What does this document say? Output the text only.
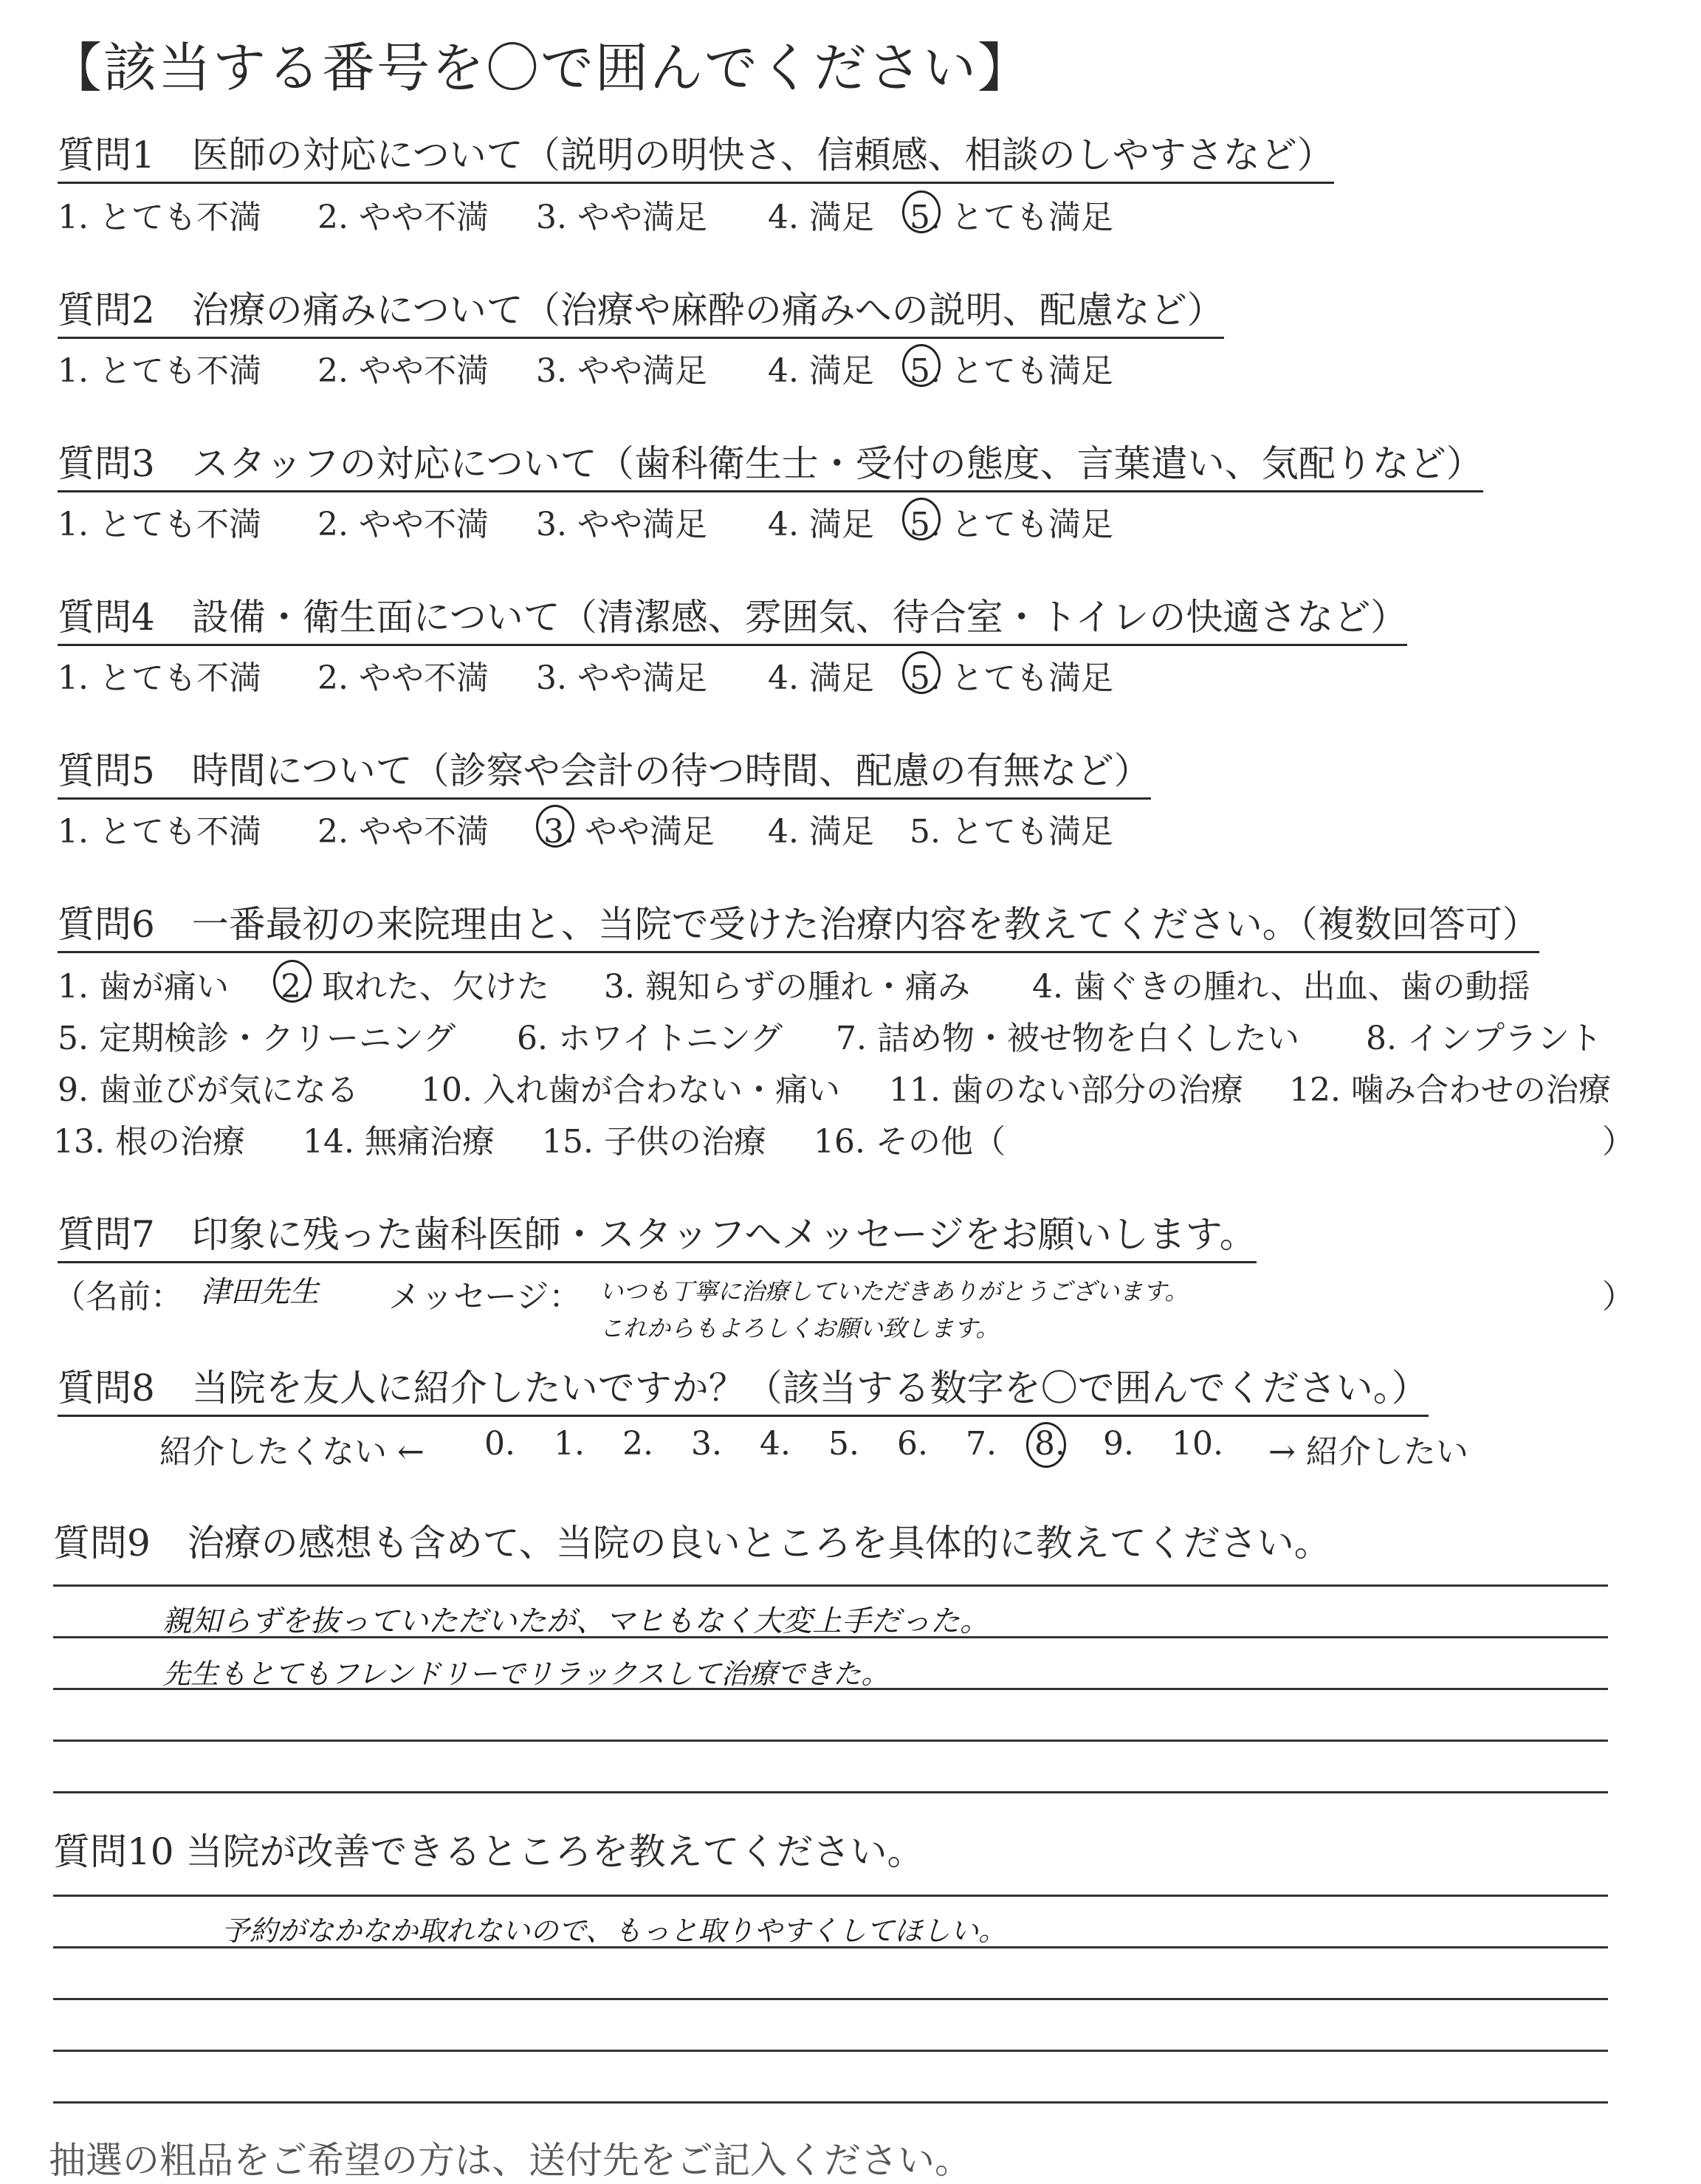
【該当する番号を〇で囲んでください】
質問1　医師の対応について（説明の明快さ、信頼感、相談のしやすさなど）
1. とても不満 2. やや不満 3. やや満足 4. 満足 5. とても満足
質問2　治療の痛みについて（治療や麻酔の痛みへの説明、配慮など）
1. とても不満 2. やや不満 3. やや満足 4. 満足 5. とても満足
質問3　スタッフの対応について（歯科衛生士・受付の態度、言葉遣い、気配りなど）
1. とても不満 2. やや不満 3. やや満足 4. 満足 5. とても満足
質問4　設備・衛生面について（清潔感、雰囲気、待合室・トイレの快適さなど）
1. とても不満 2. やや不満 3. やや満足 4. 満足 5. とても満足
質問5　時間について（診察や会計の待つ時間、配慮の有無など）
1. とても不満 2. やや不満 3. やや満足 4. 満足 5. とても満足
質問6　一番最初の来院理由と、当院で受けた治療内容を教えてください。（複数回答可）
1. 歯が痛い 2. 取れた、欠けた 3. 親知らずの腫れ・痛み 4. 歯ぐきの腫れ、出血、歯の動揺
5. 定期検診・クリーニング 6. ホワイトニング 7. 詰め物・被せ物を白くしたい 8. インプラント
9. 歯並びが気になる 10. 入れ歯が合わない・痛い 11. 歯のない部分の治療 12. 噛み合わせの治療
13. 根の治療 14. 無痛治療 15. 子供の治療 16. その他（	）
質問7　印象に残った歯科医師・スタッフへメッセージをお願いします。
（名前： 津田先生 メッセージ： いつも丁寧に治療していただきありがとうございます。
これからもよろしくお願い致します。
）
質問8　当院を友人に紹介したいですか？（該当する数字を〇で囲んでください。）
紹介したくない ← 0. 1. 2. 3. 4. 5. 6. 7. 8. 9. 10. → 紹介したい
質問9　治療の感想も含めて、当院の良いところを具体的に教えてください。
親知らずを抜っていただいたが、マヒもなく大変上手だった。
先生もとてもフレンドリーでリラックスして治療できた。
質問10 当院が改善できるところを教えてください。
予約がなかなか取れないので、もっと取りやすくしてほしい。
抽選の粗品をご希望の方は、送付先をご記入ください。
